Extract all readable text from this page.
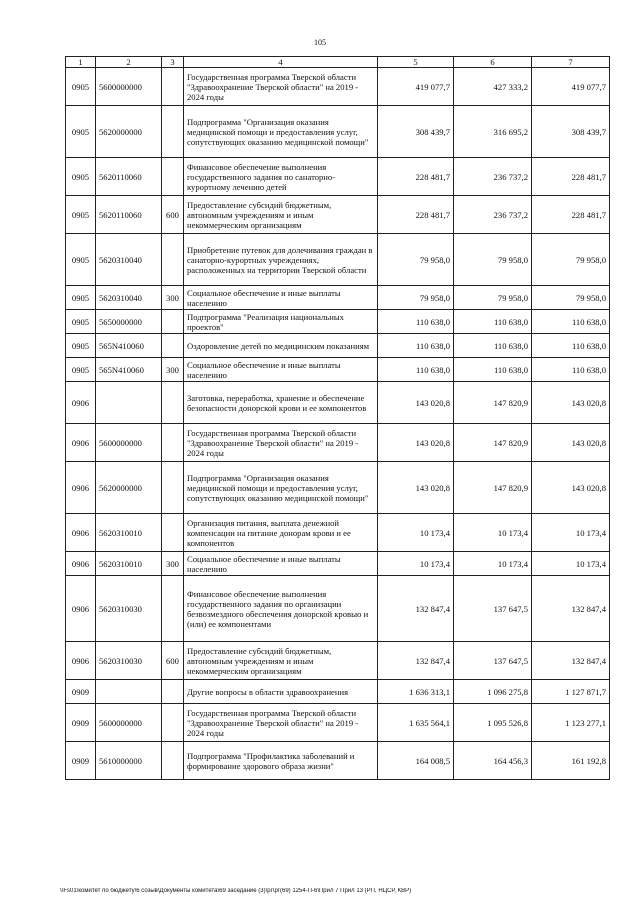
105
1	2	3	4	5	6	7
0905	5600000000		Государственная программа Тверской области "Здравоохранение Тверской области" на 2019 - 2024 годы	419 077,7	427 333,2	419 077,7
0905	5620000000		Подпрограмма "Организация оказания медицинской помощи и предоставления услуг, сопутствующих оказанию медицинской помощи"	308 439,7	316 695,2	308 439,7
0905	5620110060		Финансовое обеспечение выполнения государственного задания по санаторно-курортному лечению детей	228 481,7	236 737,2	228 481,7
0905	5620110060	600	Предоставление субсидий бюджетным, автономным учреждениям и иным некоммерческим организациям	228 481,7	236 737,2	228 481,7
0905	5620310040		Приобретение путевок для долечивания граждан в санаторно-курортных учреждениях, расположенных на территории Тверской области	79 958,0	79 958,0	79 958,0
0905	5620310040	300	Социальное обеспечение и иные выплаты населению	79 958,0	79 958,0	79 958,0
0905	5650000000		Подпрограмма "Реализация национальных проектов"	110 638,0	110 638,0	110 638,0
0905	565N410060		Оздоровление детей по медицинским показаниям	110 638,0	110 638,0	110 638,0
0905	565N410060	300	Социальное обеспечение и иные выплаты населению	110 638,0	110 638,0	110 638,0
0906			Заготовка, переработка, хранение и обеспечение безопасности донорской крови и ее компонентов	143 020,8	147 820,9	143 020,8
0906	5600000000		Государственная программа Тверской области "Здравоохранение Тверской области" на 2019 - 2024 годы	143 020,8	147 820,9	143 020,8
0906	5620000000		Подпрограмма "Организация оказания медицинской помощи и предоставления услуг, сопутствующих оказанию медицинской помощи"	143 020,8	147 820,9	143 020,8
0906	5620310010		Организация питания, выплата денежной компенсации на питание донорам крови и ее компонентов	10 173,4	10 173,4	10 173,4
0906	5620310010	300	Социальное обеспечение и иные выплаты населению	10 173,4	10 173,4	10 173,4
0906	5620310030		Финансовое обеспечение выполнения государственного задания по организации безвозмездного обеспечения донорской кровью и (или) ее компонентами	132 847,4	137 647,5	132 847,4
0906	5620310030	600	Предоставление субсидий бюджетным, автономным учреждениям и иным некоммерческим организациям	132 847,4	137 647,5	132 847,4
0909			Другие вопросы в области здравоохранения	1 636 313,1	1 096 275,8	1 127 871,7
0909	5600000000		Государственная программа Тверской области "Здравоохранение Тверской области" на 2019 - 2024 годы	1 635 564,1	1 095 526,8	1 123 277,1
0909	5610000000		Подпрограмма "Профилактика заболеваний и формирование здорового образа жизни"	164 008,5	164 456,3	161 192,8
\\Fs01\комитет по бюджету\6 созыв\Документы комитета\69 заседание (3)\рг\рг(69) 1254-П-6\Прил 7 Прил 13 (РП, НЦСР, КВР)
